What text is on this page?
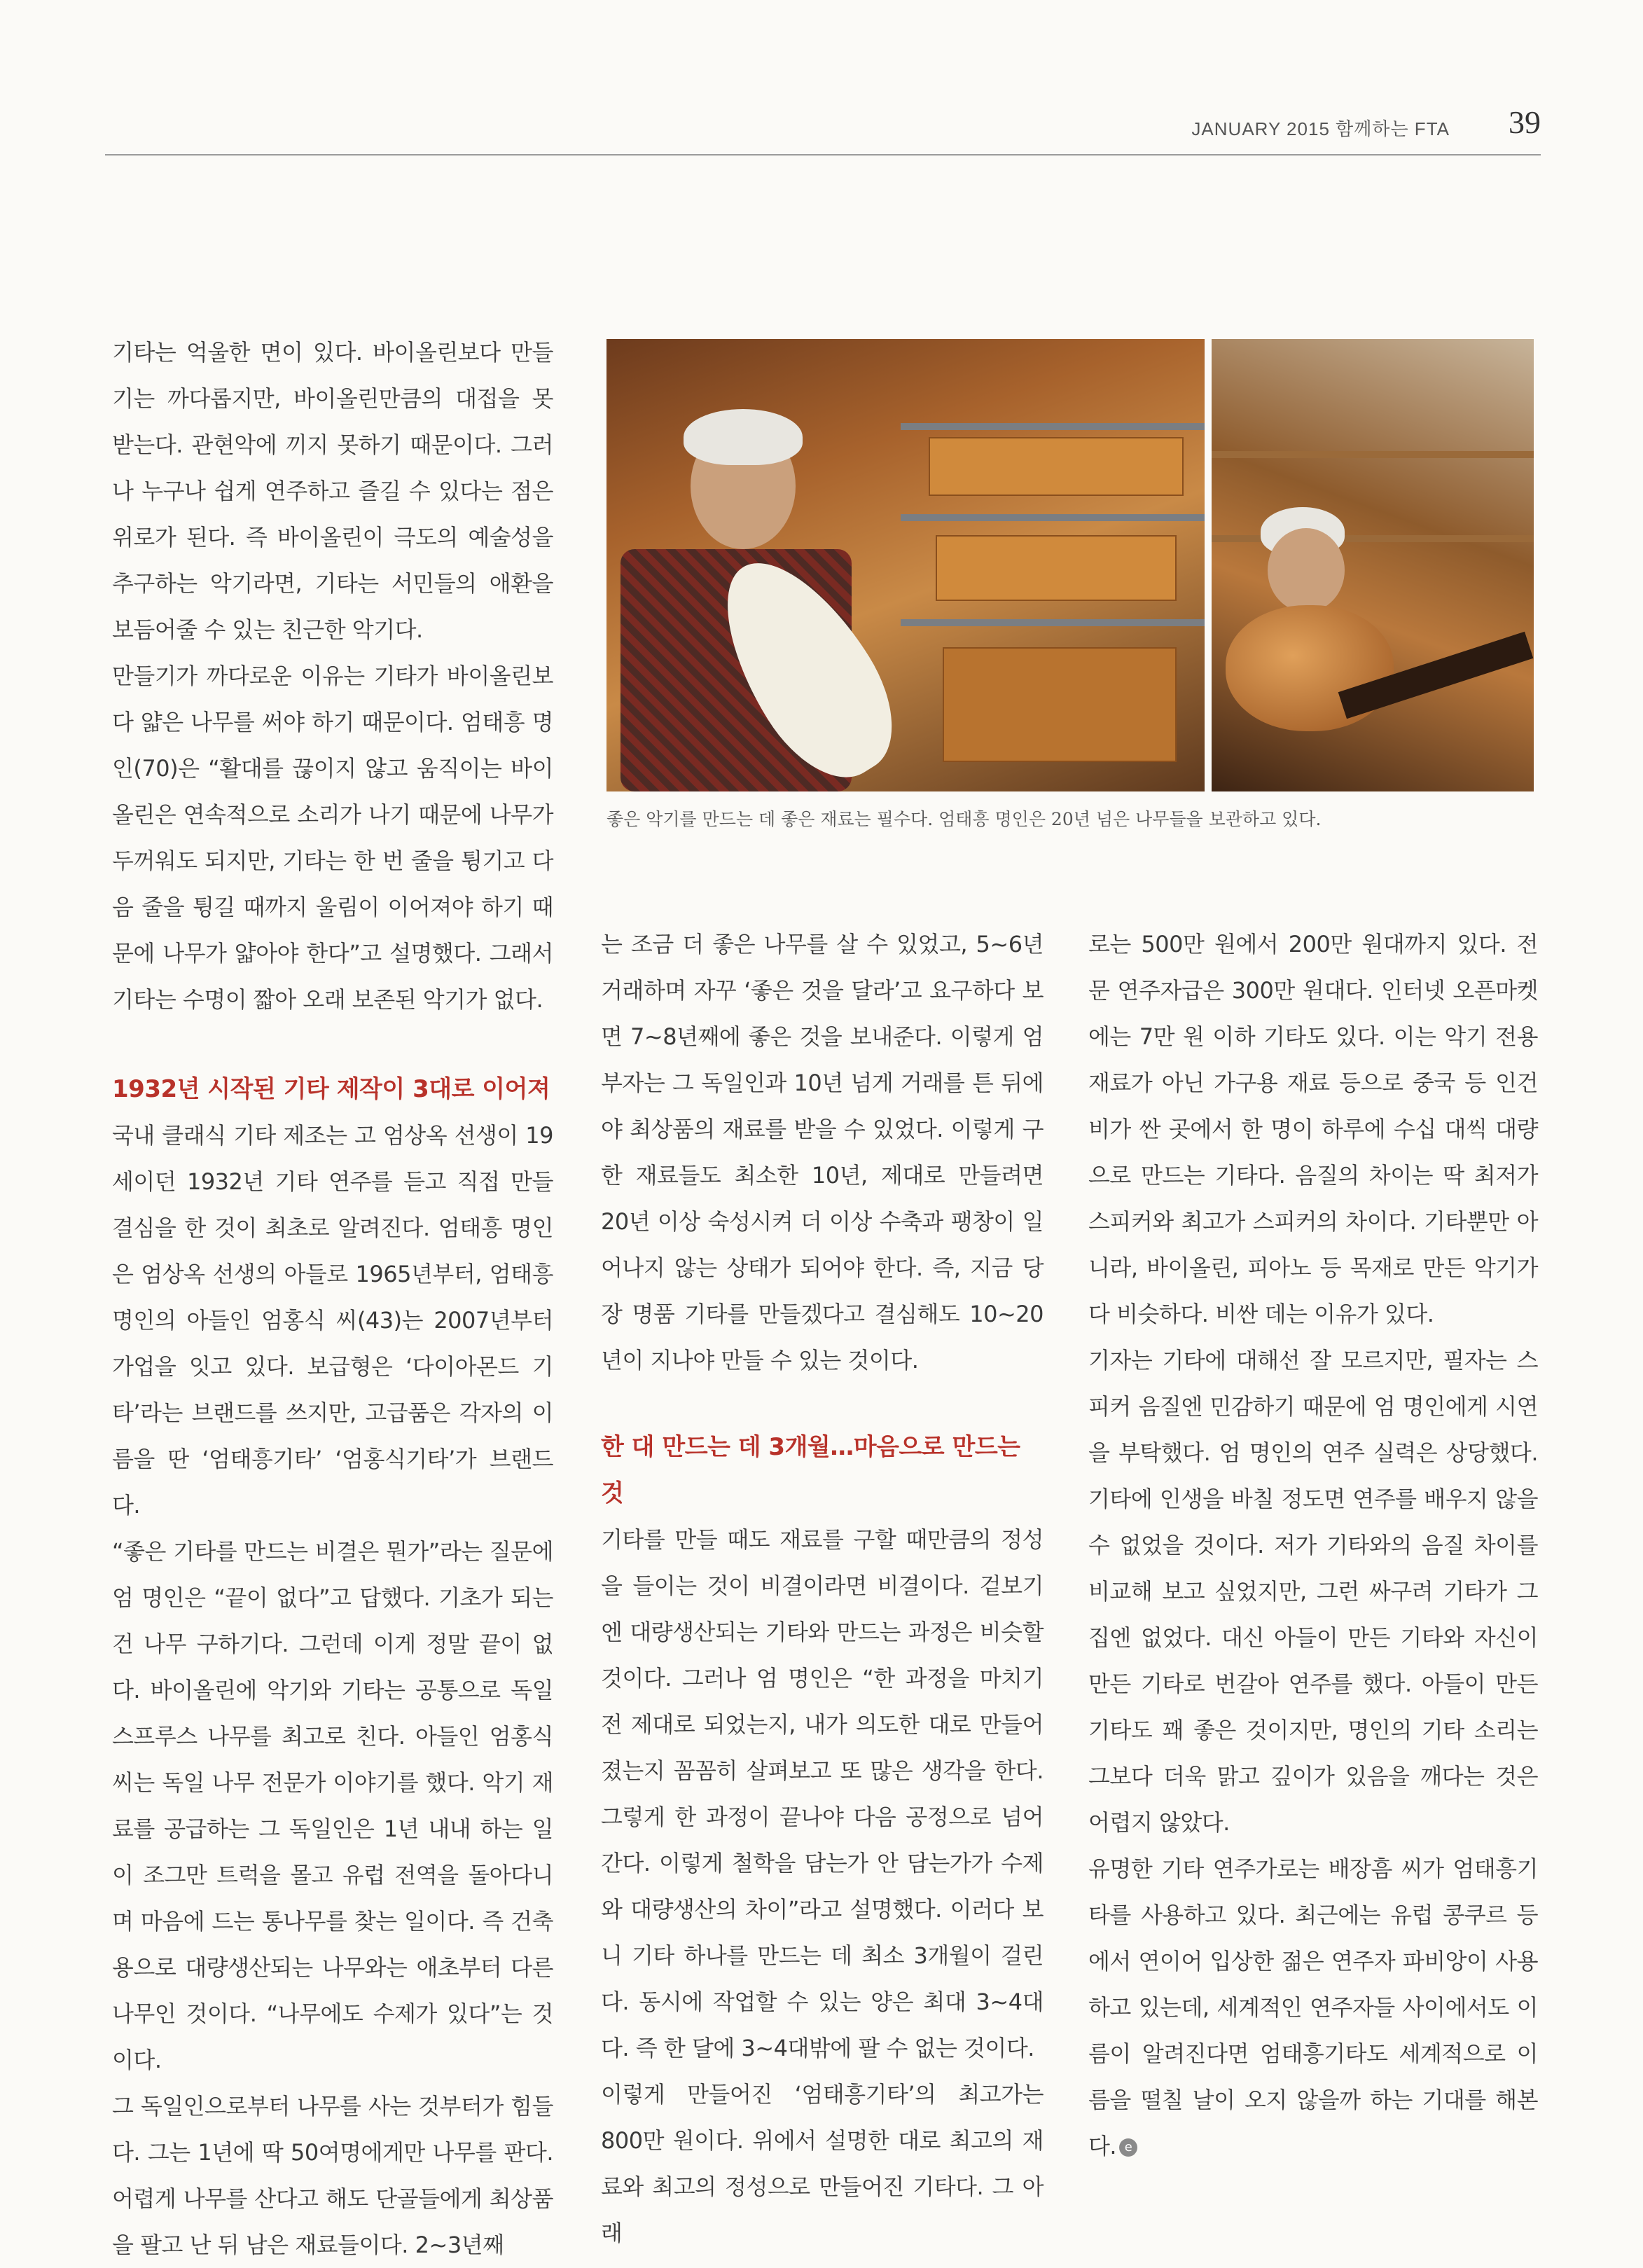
JANUARY 2015 함께하는 FTA 39

기타는 억울한 면이 있다. 바이올린보다 만들기는 까다롭지만, 바이올린만큼의 대접을 못 받는다. 관현악에 끼지 못하기 때문이다. 그러나 누구나 쉽게 연주하고 즐길 수 있다는 점은 위로가 된다. 즉 바이올린이 극도의 예술성을 추구하는 악기라면, 기타는 서민들의 애환을 보듬어줄 수 있는 친근한 악기다.

만들기가 까다로운 이유는 기타가 바이올린보다 얇은 나무를 써야 하기 때문이다. 엄태흥 명인(70)은 “활대를 끊이지 않고 움직이는 바이올린은 연속적으로 소리가 나기 때문에 나무가 두꺼워도 되지만, 기타는 한 번 줄을 튕기고 다음 줄을 튕길 때까지 울림이 이어져야 하기 때문에 나무가 얇아야 한다”고 설명했다. 그래서 기타는 수명이 짧아 오래 보존된 악기가 없다.

1932년 시작된 기타 제작이 3대로 이어져

국내 클래식 기타 제조는 고 엄상옥 선생이 19세이던 1932년 기타 연주를 듣고 직접 만들 결심을 한 것이 최초로 알려진다. 엄태흥 명인은 엄상옥 선생의 아들로 1965년부터, 엄태흥 명인의 아들인 엄홍식 씨(43)는 2007년부터 가업을 잇고 있다. 보급형은 ‘다이아몬드 기타’라는 브랜드를 쓰지만, 고급품은 각자의 이름을 딴 ‘엄태흥기타’ ‘엄홍식기타’가 브랜드다.

“좋은 기타를 만드는 비결은 뭔가”라는 질문에 엄 명인은 “끝이 없다”고 답했다. 기초가 되는 건 나무 구하기다. 그런데 이게 정말 끝이 없다. 바이올린에 악기와 기타는 공통으로 독일 스프루스 나무를 최고로 친다. 아들인 엄홍식 씨는 독일 나무 전문가 이야기를 했다. 악기 재료를 공급하는 그 독일인은 1년 내내 하는 일이 조그만 트럭을 몰고 유럽 전역을 돌아다니며 마음에 드는 통나무를 찾는 일이다. 즉 건축용으로 대량생산되는 나무와는 애초부터 다른 나무인 것이다. “나무에도 수제가 있다”는 것이다.

그 독일인으로부터 나무를 사는 것부터가 힘들다. 그는 1년에 딱 50여명에게만 나무를 판다. 어렵게 나무를 산다고 해도 단골들에게 최상품을 팔고 난 뒤 남은 재료들이다. 2~3년째

좋은 악기를 만드는 데 좋은 재료는 필수다. 엄태흥 명인은 20년 넘은 나무들을 보관하고 있다.

는 조금 더 좋은 나무를 살 수 있었고, 5~6년 거래하며 자꾸 ‘좋은 것을 달라’고 요구하다 보면 7~8년째에 좋은 것을 보내준다. 이렇게 엄 부자는 그 독일인과 10년 넘게 거래를 튼 뒤에야 최상품의 재료를 받을 수 있었다. 이렇게 구한 재료들도 최소한 10년, 제대로 만들려면 20년 이상 숙성시켜 더 이상 수축과 팽창이 일어나지 않는 상태가 되어야 한다. 즉, 지금 당장 명품 기타를 만들겠다고 결심해도 10~20년이 지나야 만들 수 있는 것이다.

한 대 만드는 데 3개월…마음으로 만드는 것

기타를 만들 때도 재료를 구할 때만큼의 정성을 들이는 것이 비결이라면 비결이다. 겉보기엔 대량생산되는 기타와 만드는 과정은 비슷할 것이다. 그러나 엄 명인은 “한 과정을 마치기 전 제대로 되었는지, 내가 의도한 대로 만들어졌는지 꼼꼼히 살펴보고 또 많은 생각을 한다. 그렇게 한 과정이 끝나야 다음 공정으로 넘어간다. 이렇게 철학을 담는가 안 담는가가 수제와 대량생산의 차이”라고 설명했다. 이러다 보니 기타 하나를 만드는 데 최소 3개월이 걸린다. 동시에 작업할 수 있는 양은 최대 3~4대다. 즉 한 달에 3~4대밖에 팔 수 없는 것이다.

이렇게 만들어진 ‘엄태흥기타’의 최고가는 800만 원이다. 위에서 설명한 대로 최고의 재료와 최고의 정성으로 만들어진 기타다. 그 아래

로는 500만 원에서 200만 원대까지 있다. 전문 연주자급은 300만 원대다. 인터넷 오픈마켓에는 7만 원 이하 기타도 있다. 이는 악기 전용 재료가 아닌 가구용 재료 등으로 중국 등 인건비가 싼 곳에서 한 명이 하루에 수십 대씩 대량으로 만드는 기타다. 음질의 차이는 딱 최저가 스피커와 최고가 스피커의 차이다. 기타뿐만 아니라, 바이올린, 피아노 등 목재로 만든 악기가 다 비슷하다. 비싼 데는 이유가 있다.

기자는 기타에 대해선 잘 모르지만, 필자는 스피커 음질엔 민감하기 때문에 엄 명인에게 시연을 부탁했다. 엄 명인의 연주 실력은 상당했다. 기타에 인생을 바칠 정도면 연주를 배우지 않을 수 없었을 것이다. 저가 기타와의 음질 차이를 비교해 보고 싶었지만, 그런 싸구려 기타가 그 집엔 없었다. 대신 아들이 만든 기타와 자신이 만든 기타로 번갈아 연주를 했다. 아들이 만든 기타도 꽤 좋은 것이지만, 명인의 기타 소리는 그보다 더욱 맑고 깊이가 있음을 깨다는 것은 어렵지 않았다.

유명한 기타 연주가로는 배장흠 씨가 엄태흥기타를 사용하고 있다. 최근에는 유럽 콩쿠르 등에서 연이어 입상한 젊은 연주자 파비앙이 사용하고 있는데, 세계적인 연주자들 사이에서도 이름이 알려진다면 엄태흥기타도 세계적으로 이름을 떨칠 날이 오지 않을까 하는 기대를 해본다. e
